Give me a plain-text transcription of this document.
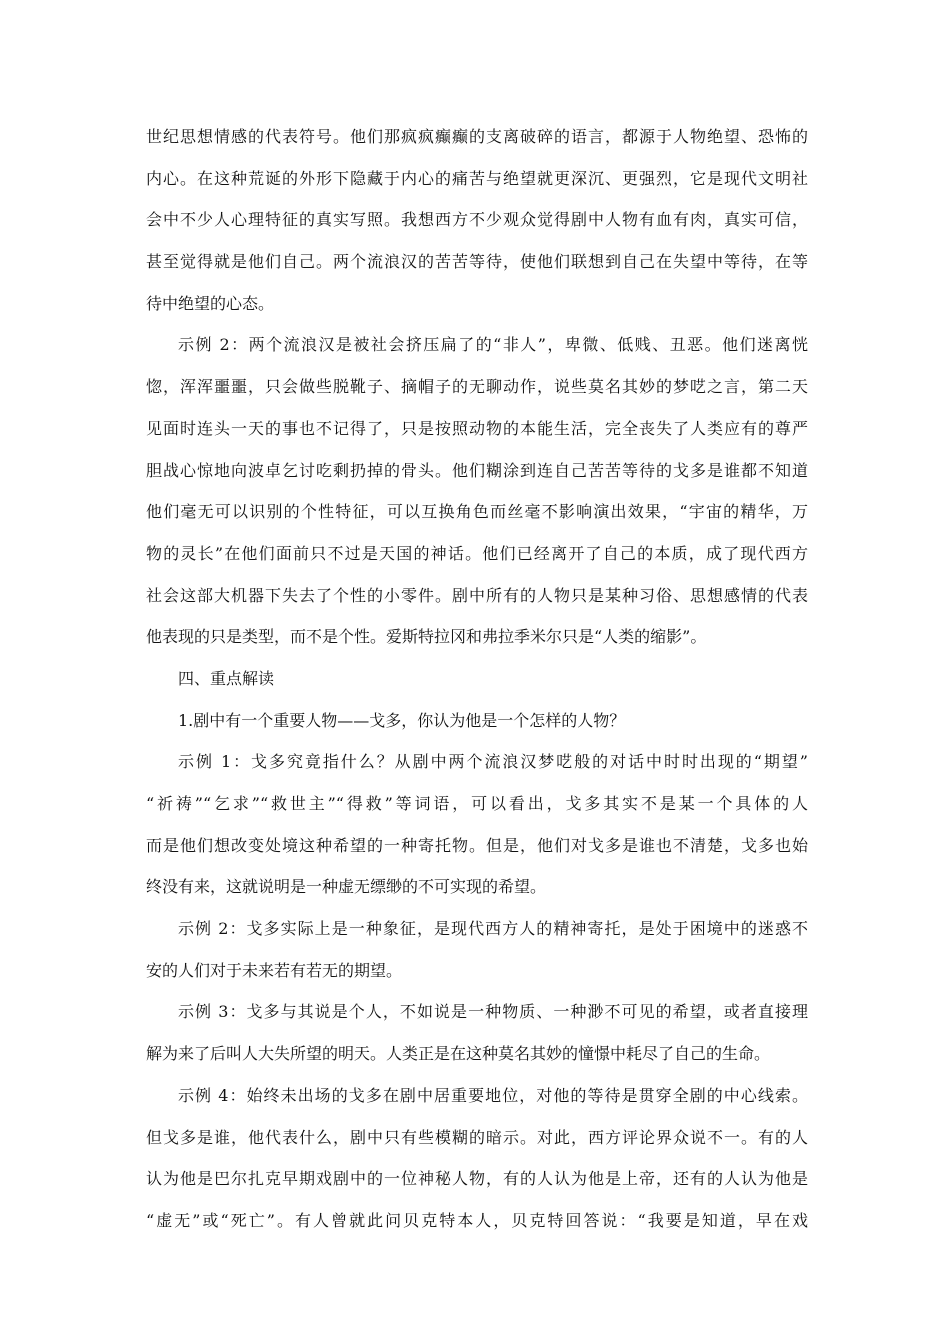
世纪思想情感的代表符号。他们那疯疯癫癫的支离破碎的语言，都源于人物绝望、恐怖的
内心。在这种荒诞的外形下隐藏于内心的痛苦与绝望就更深沉、更强烈，它是现代文明社
会中不少人心理特征的真实写照。我想西方不少观众觉得剧中人物有血有肉，真实可信，
甚至觉得就是他们自己。两个流浪汉的苦苦等待，使他们联想到自己在失望中等待，在等
待中绝望的心态。
示例 2：两个流浪汉是被社会挤压扁了的“非人”，卑微、低贱、丑恶。他们迷离恍
惚，浑浑噩噩，只会做些脱靴子、摘帽子的无聊动作，说些莫名其妙的梦呓之言，第二天
见面时连头一天的事也不记得了，只是按照动物的本能生活，完全丧失了人类应有的尊严
胆战心惊地向波卓乞讨吃剩扔掉的骨头。他们糊涂到连自己苦苦等待的戈多是谁都不知道
他们毫无可以识别的个性特征，可以互换角色而丝毫不影响演出效果，“宇宙的精华，万
物的灵长”在他们面前只不过是天国的神话。他们已经离开了自己的本质，成了现代西方
社会这部大机器下失去了个性的小零件。剧中所有的人物只是某种习俗、思想感情的代表
他表现的只是类型，而不是个性。爱斯特拉冈和弗拉季米尔只是“人类的缩影”。
四、重点解读
1.剧中有一个重要人物——戈多，你认为他是一个怎样的人物？
示例 1：戈多究竟指什么？从剧中两个流浪汉梦呓般的对话中时时出现的“期望”
“祈祷”“乞求”“救世主”“得救”等词语，可以看出，戈多其实不是某一个具体的人
而是他们想改变处境这种希望的一种寄托物。但是，他们对戈多是谁也不清楚，戈多也始
终没有来，这就说明是一种虚无缥缈的不可实现的希望。
示例 2：戈多实际上是一种象征，是现代西方人的精神寄托，是处于困境中的迷惑不
安的人们对于未来若有若无的期望。
示例 3：戈多与其说是个人，不如说是一种物质、一种渺不可见的希望，或者直接理
解为来了后叫人大失所望的明天。人类正是在这种莫名其妙的憧憬中耗尽了自己的生命。
示例 4：始终未出场的戈多在剧中居重要地位，对他的等待是贯穿全剧的中心线索。
但戈多是谁，他代表什么，剧中只有些模糊的暗示。对此，西方评论界众说不一。有的人
认为他是巴尔扎克早期戏剧中的一位神秘人物，有的人认为他是上帝，还有的人认为他是
“虚无”或“死亡”。有人曾就此问贝克特本人，贝克特回答说：“我要是知道，早在戏
